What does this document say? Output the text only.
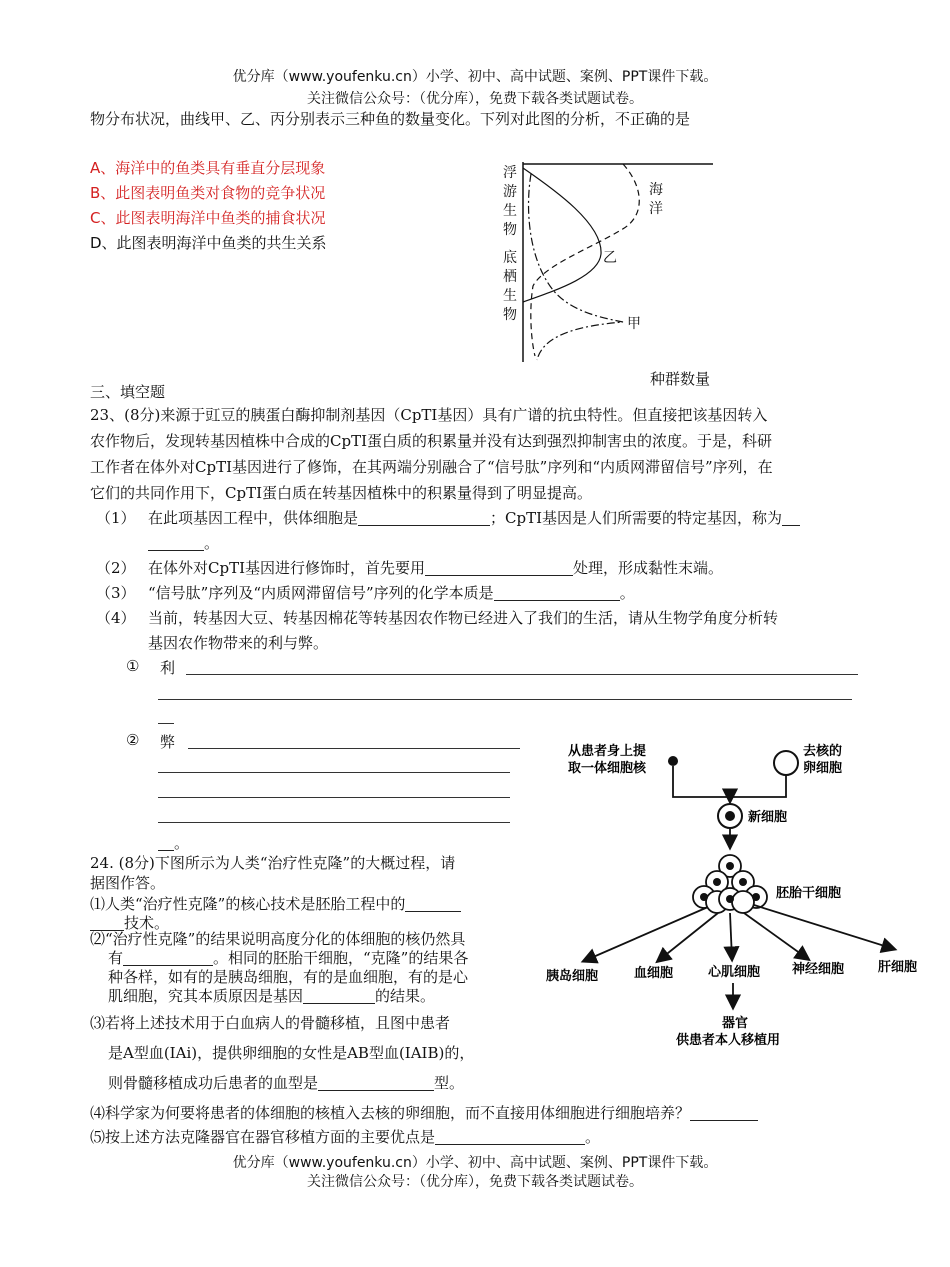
优分库（www.youfenku.cn）小学、初中、高中试题、案例、PPT课件下载。
关注微信公众号：（优分库），免费下载各类试题试卷。
物分布状况，曲线甲、乙、丙分别表示三种鱼的数量变化。下列对此图的分析，不正确的是
A、海洋中的鱼类具有垂直分层现象
B、此图表明鱼类对食物的竞争状况
C、此图表明海洋中鱼类的捕食状况
D、此图表明海洋中鱼类的共生关系
浮
游
生
物
底
栖
生
物
海
洋
乙
甲
种群数量
三、填空题
23、(8分)来源于豇豆的胰蛋白酶抑制剂基因（CpTI基因）具有广谱的抗虫特性。但直接把该基因转入
农作物后，发现转基因植株中合成的CpTI蛋白质的积累量并没有达到强烈抑制害虫的浓度。于是，科研
工作者在体外对CpTI基因进行了修饰，在其两端分别融合了“信号肽”序列和“内质网滞留信号”序列，在
它们的共同作用下，CpTI蛋白质在转基因植株中的积累量得到了明显提高。
（1） 在此项基因工程中，供体细胞是	；CpTI基因是人们所需要的特定基因，称为
。
（2） 在体外对CpTI基因进行修饰时，首先要用	处理，形成黏性末端。
（3） “信号肽”序列及“内质网滞留信号”序列的化学本质是	。
（4） 当前，转基因大豆、转基因棉花等转基因农作物已经进入了我们的生活，请从生物学角度分析转
基因农作物带来的利与弊。
① 利
② 弊
。
24. (8分)下图所示为人类“治疗性克隆”的大概过程，请
据图作答。
⑴人类“治疗性克隆”的核心技术是胚胎工程中的
技术。
⑵“治疗性克隆”的结果说明高度分化的体细胞的核仍然具
有	。相同的胚胎干细胞，“克隆”的结果各
种各样，如有的是胰岛细胞，有的是血细胞，有的是心
肌细胞，究其本质原因是基因	的结果。
⑶若将上述技术用于白血病人的骨髓移植，且图中患者
是A型血(IAi)，提供卵细胞的女性是AB型血(IAIB)的，
则骨髓移植成功后患者的血型是	型。
⑷科学家为何要将患者的体细胞的核植入去核的卵细胞，而不直接用体细胞进行细胞培养？
⑸按上述方法克隆器官在器官移植方面的主要优点是	。
从患者身上提
取一体细胞核
去核的
卵细胞
新细胞
胚胎干细胞
胰岛细胞	血细胞	心肌细胞 神经细胞	肝细胞
器官
供患者本人移植用
优分库（www.youfenku.cn）小学、初中、高中试题、案例、PPT课件下载。
关注微信公众号：（优分库），免费下载各类试题试卷。
